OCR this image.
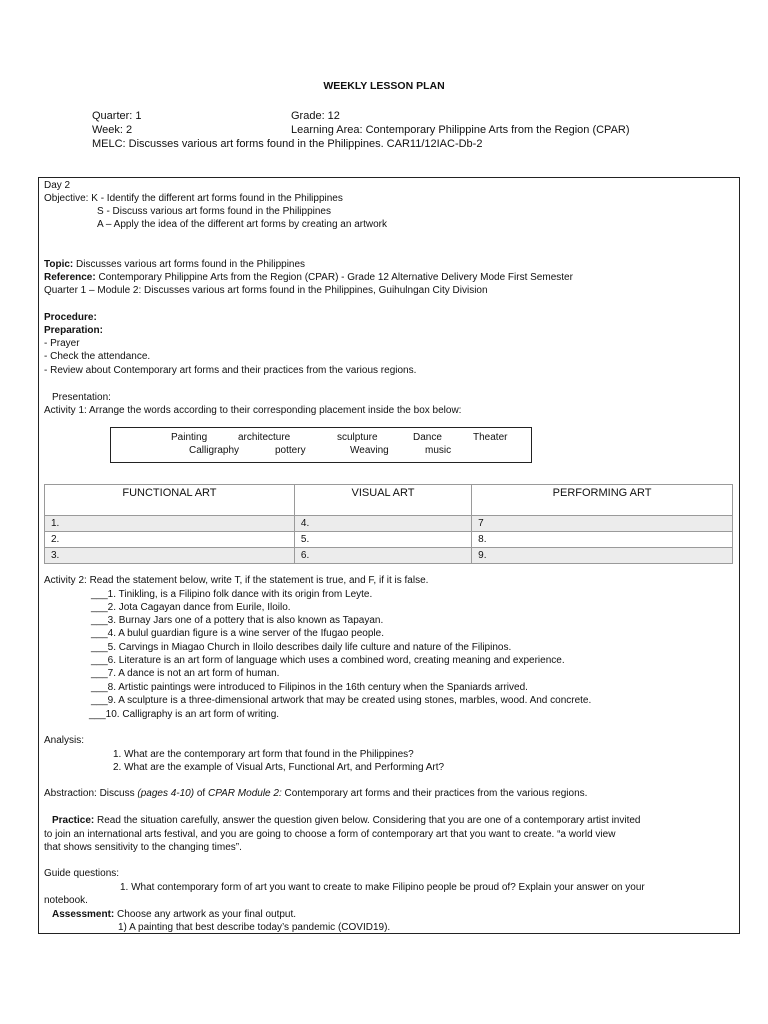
WEEKLY LESSON PLAN
Quarter: 1	Grade: 12
Week: 2	Learning Area: Contemporary Philippine Arts from the Region (CPAR)
MELC: Discusses various art forms found in the Philippines. CAR11/12IAC-Db-2
Day 2
Objective: K - Identify the different art forms found in the Philippines
S - Discuss various art forms found in the Philippines
A – Apply the idea of the different art forms by creating an artwork
Topic: Discusses various art forms found in the Philippines
Reference: Contemporary Philippine Arts from the Region (CPAR) - Grade 12 Alternative Delivery Mode First Semester
Quarter 1 – Module 2: Discusses various art forms found in the Philippines, Guihulngan City Division
Procedure:
Preparation:
- Prayer
- Check the attendance.
- Review about Contemporary art forms and their practices from the various regions.
Presentation:
Activity 1: Arrange the words according to their corresponding placement inside the box below:
Painting	architecture	sculpture	Dance	Theater
Calligraphy	pottery	Weaving	music
FUNCTIONAL ART	VISUAL ART	PERFORMING ART
1.	4.	7
2.	5.	8.
3.	6.	9.
Activity 2: Read the statement below, write T, if the statement is true, and F, if it is false.
___1. Tinikling, is a Filipino folk dance with its origin from Leyte.
___2. Jota Cagayan dance from Eurile, Iloilo.
___3. Burnay Jars one of a pottery that is also known as Tapayan.
___4. A bulul guardian figure is a wine server of the Ifugao people.
___5. Carvings in Miagao Church in Iloilo describes daily life culture and nature of the Filipinos.
___6. Literature is an art form of language which uses a combined word, creating meaning and experience.
___7. A dance is not an art form of human.
___8. Artistic paintings were introduced to Filipinos in the 16th century when the Spaniards arrived.
___9. A sculpture is a three-dimensional artwork that may be created using stones, marbles, wood. And concrete.
___10. Calligraphy is an art form of writing.
Analysis:
1. What are the contemporary art form that found in the Philippines?
2. What are the example of Visual Arts, Functional Art, and Performing Art?
Abstraction: Discuss (pages 4-10) of CPAR Module 2: Contemporary art forms and their practices from the various regions.
Practice: Read the situation carefully, answer the question given below. Considering that you are one of a contemporary artist invited
to join an international arts festival, and you are going to choose a form of contemporary art that you want to create. “a world view
that shows sensitivity to the changing times”.
Guide questions:
1. What contemporary form of art you want to create to make Filipino people be proud of? Explain your answer on your
notebook.
Assessment: Choose any artwork as your final output.
1) A painting that best describe today’s pandemic (COVID19).
